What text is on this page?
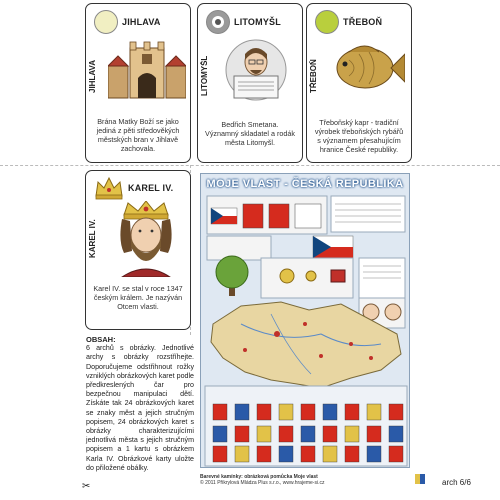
JIHLAVA
JIHLAVA
Brána Matky Boží se jako jediná z pěti středověkých městských bran v Jihlavě zachovala.
LITOMYŠL
LITOMYŠL
Bedřich Smetana. Významný skladatel a rodák města Litomyšl.
TŘEBOŇ
TŘEBOŇ
Třeboňský kapr - tradiční výrobek třeboňských rybářů s významem přesahujícím hranice České republiky.
KAREL IV.
KAREL IV.
Karel IV. se stal v roce 1347 českým králem. Je nazýván Otcem vlasti.
MOJE VLAST - ČESKÁ REPUBLIKA
OBSAH:
6 archů s obrázky. Jednotlivé archy s obrázky rozstříhejte. Doporučujeme odstřihnout rožky vzniklých obrázkových karet podle předkreslených čar pro bezpečnou manipulaci dětí. Získáte tak 24 obrázkových karet se znaky měst a jejich stručným popisem, 24 obrázkových karet s obrázky charakterizujícími jednotlivá města s jejich stručným popisem a 1 kartu s obrázkem Karla IV. Obrázkové karty uložte do přiložené obálky.
✂
Barevné kamínky: obrázková pomůcka Moje vlast
© 2011 Přikrylová Mládza Plus s.r.o., www.hrajeme-si.cz	arch 6/6
